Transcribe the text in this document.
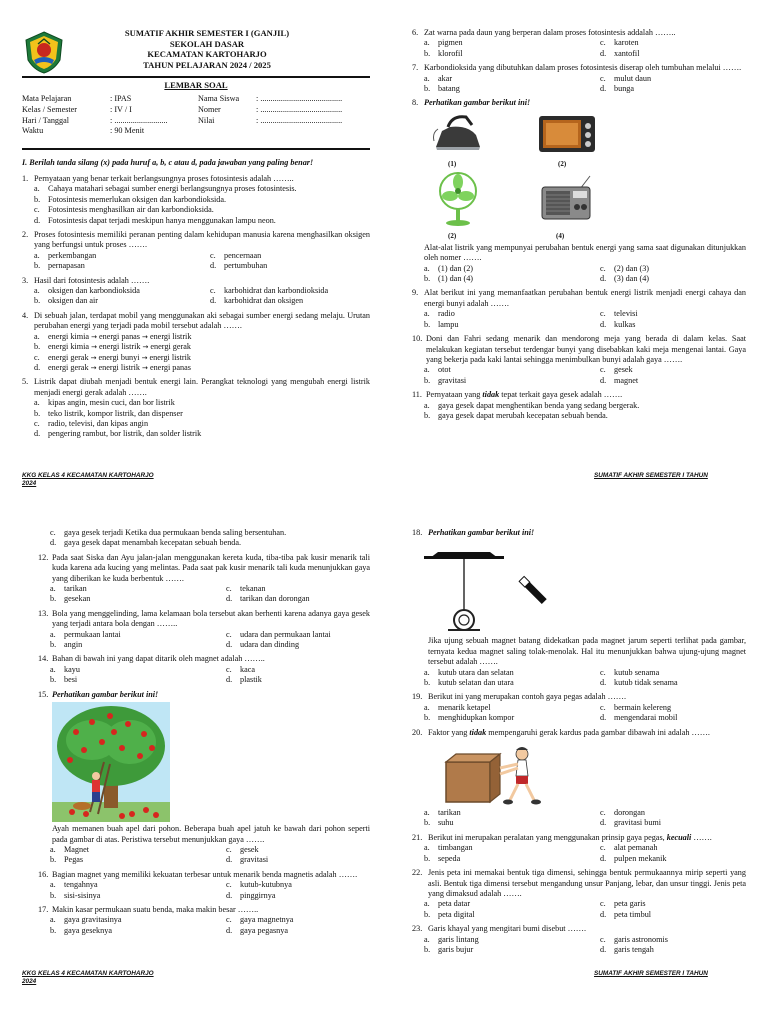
SUMATIF AKHIR SEMESTER I (GANJIL)
SEKOLAH DASAR
KECAMATAN KARTOHARJO
TAHUN PELAJARAN 2024 / 2025
LEMBAR SOAL
Mata Pelajaran	: IPAS	Nama Siswa	: ........................................
Kelas / Semester	: IV / I	Nomer	: ........................................
Hari / Tanggal	: ..........................	Nilai	: ........................................
Waktu	: 90 Menit
I. Berilah tanda silang (x) pada huruf a, b, c atau d, pada jawaban yang paling benar!
1. Pernyataan yang benar terkait berlangsungnya proses fotosintesis adalah ……..
a.	Cahaya matahari sebagai sumber energi berlangsungnya proses fotosintesis.
b. Fotosintesis memerlukan oksigen dan karbondioksida.
c.	Fotosintesis menghasilkan air dan karbondioksida.
d. Fotosintesis dapat terjadi meskipun hanya menggunakan lampu neon.
2. Proses fotosintesis memiliki peranan penting dalam kehidupan manusia karena menghasilkan oksigen yang berfungsi untuk proses …….
a.	perkembangan	c.	pencernaan
b. pernapasan	d. pertumbuhan
3. Hasil dari fotosintesis adalah …….
a.	oksigen dan karbondioksida	c.	karbohidrat dan karbondioksida
b. oksigen dan air	d. karbohidrat dan oksigen
4. Di sebuah jalan, terdapat mobil yang menggunakan aki sebagai sumber energi sedang melaju. Urutan perubahan energi yang terjadi pada mobil tersebut adalah …….
a.	energi kimia → energi panas → energi listrik
b. energi kimia → energi listrik → energi gerak
c.	energi gerak → energi bunyi → energi listrik
d. energi gerak → energi listrik → energi panas
5. Listrik dapat diubah menjadi bentuk energi lain. Perangkat teknologi yang mengubah energi listrik menjadi energi gerak adalah …….
a.	kipas angin, mesin cuci, dan bor listrik
b. teko listrik, kompor listrik, dan dispenser
c.	radio, televisi, dan kipas angin
d. pengering rambut, bor listrik, dan solder listrik
KKG KELAS 4 KECAMATAN KARTOHARJO
2024
6. Zat warna pada daun yang berperan dalam proses fotosintesis addalah ……..
a.	pigmen	c.	karoten
b. klorofil	d. xantofil
7. Karbondioksida yang dibutuhkan dalam proses fotosintesis diserap oleh tumbuhan melalui …….
a.	akar	c.	mulut daun
b. batang	d. bunga
8. Perhatikan gambar berikut ini!
(1)	(2)
(2)	(4)
Alat-alat listrik yang mempunyai perubahan bentuk energi yang sama saat digunakan ditunjukkan oleh nomer …….
a.	(1) dan (2)	c.	(2) dan (3)
b. (1) dan (4)	d. (3) dan (4)
9. Alat berikut ini yang memanfaatkan perubahan bentuk energi listrik menjadi energi cahaya dan energi bunyi adalah …….
a.	radio	c.	televisi
b. lampu	d. kulkas
10. Doni dan Fahri sedang menarik dan mendorong meja yang berada di dalam kelas. Saat melakukan kegiatan tersebut terdengar bunyi yang disebabkan kaki meja mengenai lantai. Gaya yang bekerja pada kaki lantai sehingga menimbulkan bunyi adalah gaya …….
a.	otot	c.	gesek
b. gravitasi	d. magnet
11. Pernyataan yang tidak tepat terkait gaya gesek adalah …….
a.	gaya gesek dapat menghentikan benda yang sedang bergerak.
b. gaya gesek dapat merubah kecepatan sebuah benda.
SUMATIF AKHIR SEMESTER I TAHUN
c.	gaya gesek terjadi Ketika dua permukaan benda saling bersentuhan.
d. gaya gesek dapat menambah kecepatan sebuah benda.
12. Pada saat Siska dan Ayu jalan-jalan menggunakan kereta kuda, tiba-tiba pak kusir menarik tali kuda karena ada kucing yang melintas. Pada saat pak kusir menarik tali kuda menunjukkan gaya yang diberikan ke kuda berbentuk …….
a.	tarikan	c.	tekanan
b. gesekan	d. tarikan dan dorongan
13. Bola yang menggelinding, lama kelamaan bola tersebut akan berhenti karena adanya gaya gesek yang terjadi antara bola dengan ……..
a.	permukaan lantai	c.	udara dan permukaan lantai
b. angin	d. udara dan dinding
14. Bahan di bawah ini yang dapat ditarik oleh magnet adalah ……..
a.	kayu	c.	kaca
b. besi	d. plastik
15. Perhatikan gambar berikut ini!
Ayah memanen buah apel dari pohon. Beberapa buah apel jatuh ke bawah dari pohon seperti pada gambar di atas. Peristiwa tersebut menunjukkan gaya …….
a.	Magnet	c.	gesek
b. Pegas	d. gravitasi
16. Bagian magnet yang memiliki kekuatan terbesar untuk menarik benda magnetis adalah …….
a.	tengahnya	c.	kutub-kutubnya
b. sisi-sisinya	d. pinggirnya
17. Makin kasar permukaan suatu benda, maka makin besar ……..
a.	gaya gravitasinya	c.	gaya magnetnya
b. gaya geseknya	d. gaya pegasnya
KKG KELAS 4 KECAMATAN KARTOHARJO
2024
18. Perhatikan gambar berikut ini!
Jika ujung sebuah magnet batang didekatkan pada magnet jarum seperti terlihat pada gambar, ternyata kedua magnet saling tolak-menolak. Hal itu menunjukkan bahwa ujung-ujung magnet tersebut adalah …….
a.	kutub utara dan selatan	c.	kutub senama
b. kutub selatan dan utara	d. kutub tidak senama
19. Berikut ini yang merupakan contoh gaya pegas adalah …….
a.	menarik ketapel	c.	bermain kelereng
b. menghidupkan kompor	d. mengendarai mobil
20. Faktor yang tidak mempengaruhi gerak kardus pada gambar dibawah ini adalah …….
a.	tarikan	c.	dorongan
b. suhu	d. gravitasi bumi
21. Berikut ini merupakan peralatan yang menggunakan prinsip gaya pegas, kecuali …….
a.	timbangan	c.	alat pemanah
b. sepeda	d. pulpen mekanik
22. Jenis peta ini memakai bentuk tiga dimensi, sehingga bentuk permukaannya mirip seperti yang asli. Bentuk tiga dimensi tersebut mengandung unsur Panjang, lebar, dan unsur tinggi. Jenis peta yang dimaksud adalah …….
a.	peta datar	c.	peta garis
b. peta digital	d. peta timbul
23. Garis khayal yang mengitari bumi disebut …….
a.	garis lintang	c.	garis astronomis
b. garis bujur	d. garis tengah
SUMATIF AKHIR SEMESTER I TAHUN
